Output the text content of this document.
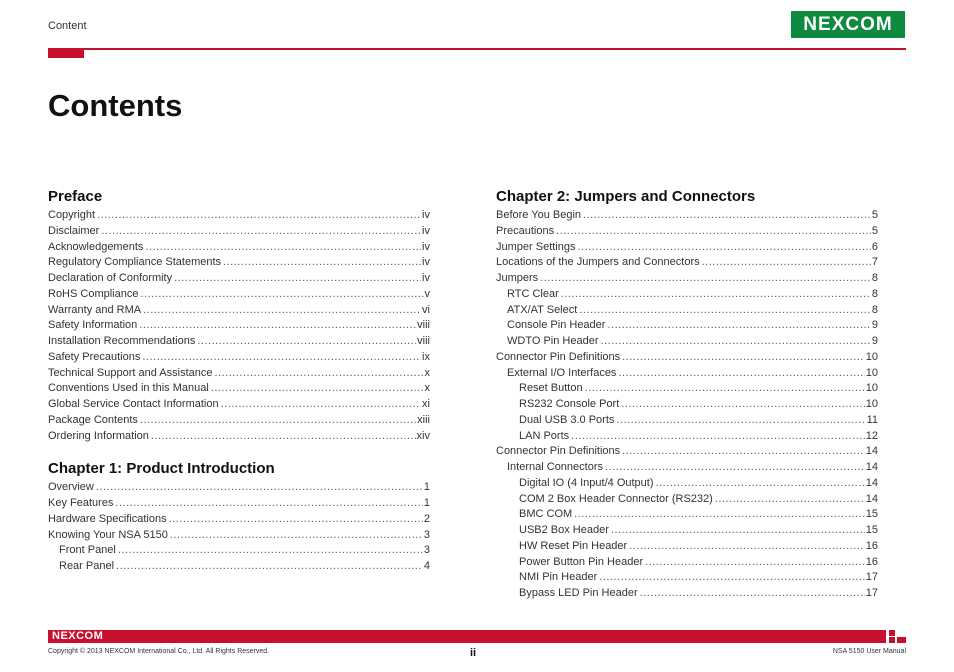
Content	NEXCOM
Contents
Preface
Copyright .....	iv
Disclaimer .....	iv
Acknowledgements .....	iv
Regulatory Compliance Statements .....	iv
Declaration of Conformity .....	iv
RoHS Compliance .....	v
Warranty and RMA .....	vi
Safety Information .....	viii
Installation Recommendations .....	viii
Safety Precautions .....	ix
Technical Support and Assistance .....	x
Conventions Used in this Manual .....	x
Global Service Contact Information .....	xi
Package Contents .....	xiii
Ordering Information .....	xiv
Chapter 1: Product Introduction
Overview .....	1
Key Features .....	1
Hardware Specifications .....	2
Knowing Your NSA 5150 .....	3
Front Panel .....	3
Rear Panel .....	4
Chapter 2: Jumpers and Connectors
Before You Begin .....	5
Precautions .....	5
Jumper Settings .....	6
Locations of the Jumpers and Connectors .....	7
Jumpers .....	8
RTC Clear .....	8
ATX/AT Select .....	8
Console Pin Header .....	9
WDTO Pin Header .....	9
Connector Pin Definitions .....	10
External I/O Interfaces .....	10
Reset Button .....	10
RS232 Console Port .....	10
Dual USB 3.0 Ports .....	11
LAN Ports .....	12
Connector Pin Definitions .....	14
Internal Connectors .....	14
Digital IO (4 Input/4 Output) .....	14
COM 2 Box Header Connector (RS232) .....	14
BMC COM .....	15
USB2 Box Header .....	15
HW Reset Pin Header .....	16
Power Button Pin Header .....	16
NMI Pin Header .....	17
Bypass LED Pin Header .....	17
NEXCOM
Copyright © 2013 NEXCOM International Co., Ltd. All Rights Reserved.	ii	NSA 5150 User Manual
